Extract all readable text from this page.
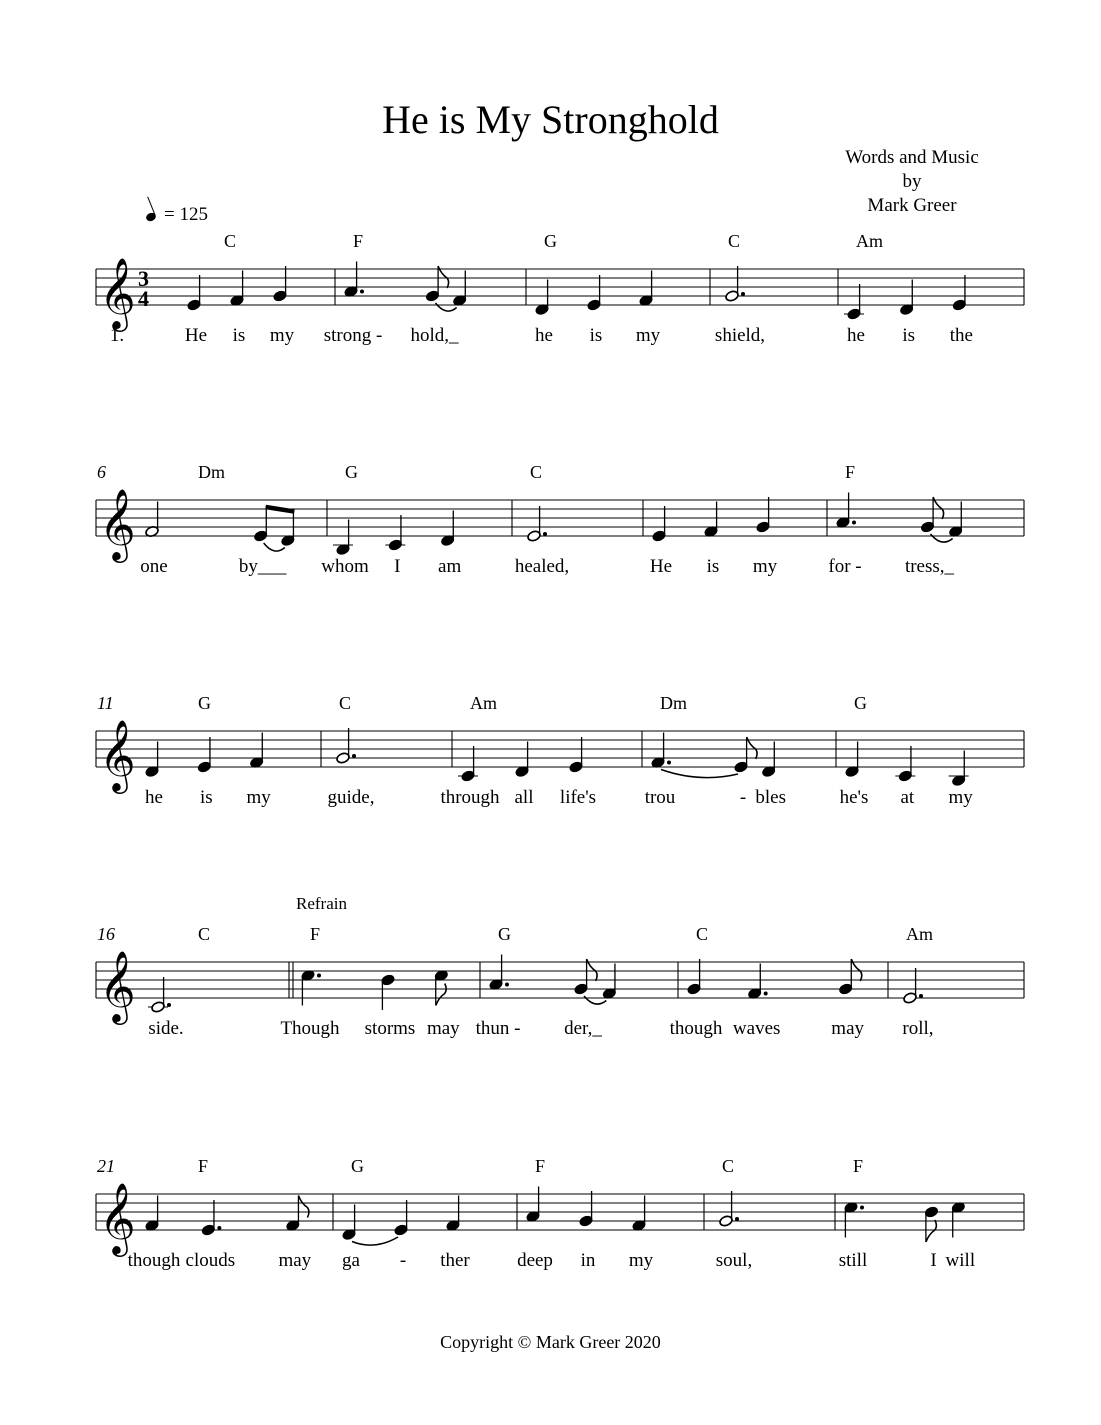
He is My Stronghold
Words and Music
by
Mark Greer
= 125
𝄞 3
4
1.
C
He is my
F
strong - hold,_
G
he is my
C
shield,
Am
he is the
𝄞
6	Dm
one	by___
G
whom I am
C
healed,	He is my
F
for - tress,_
𝄞
11	G
he is my
C
guide,
Am
through all life's
Dm
trou	- bles
G
he's at my
𝄞
16	C
side.
F
Refrain
Though storms may
G
thun - der,_
C
though waves	may
Am
roll,
𝄞
21	F
though clouds may
G
ga - ther
F
deep in my
C
soul,
F
still	I will
Copyright © Mark Greer 2020
